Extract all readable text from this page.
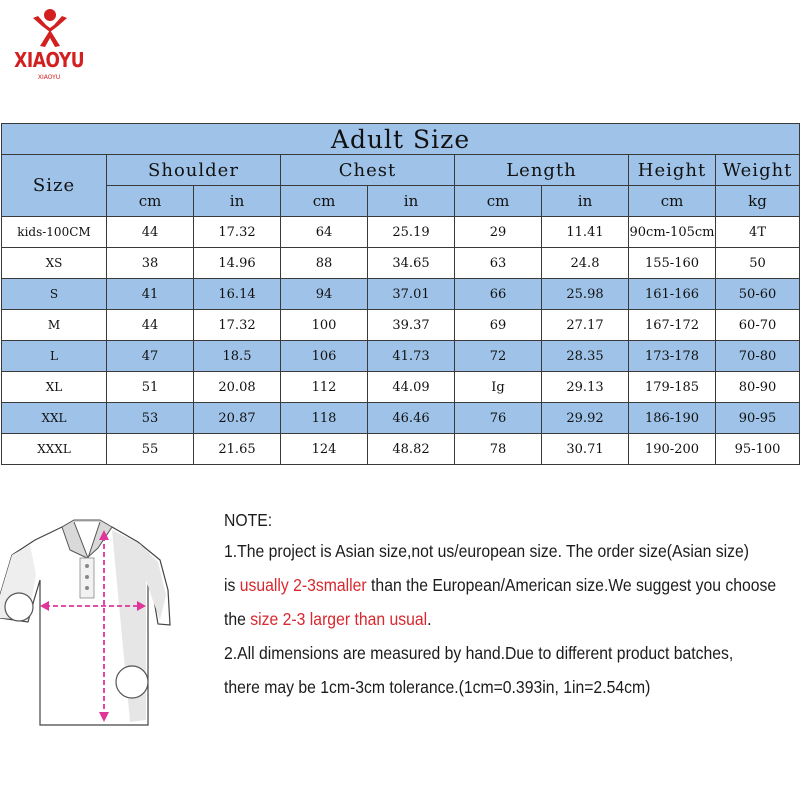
XIAOYU
XIAOYU
Adult Size								
Size	Shoulder		Chest		Length		Height	Weight
	cm	in	cm	in	cm	in	cm	kg
kids-100CM	44	17.32	64	25.19	29	11.41	90cm-105cm	4T
XS	38	14.96	88	34.65	63	24.8	155-160	50
S	41	16.14	94	37.01	66	25.98	161-166	50-60
M	44	17.32	100	39.37	69	27.17	167-172	60-70
L	47	18.5	106	41.73	72	28.35	173-178	70-80
XL	51	20.08	112	44.09	Ig	29.13	179-185	80-90
XXL	53	20.87	118	46.46	76	29.92	186-190	90-95
XXXL	55	21.65	124	48.82	78	30.71	190-200	95-100
NOTE:
1.The project is Asian size,not us/european size. The order size(Asian size)
is usually 2-3smaller than the European/American size.We suggest you choose
the size 2-3 larger than usual.
2.All dimensions are measured by hand.Due to different product batches,
there may be 1cm-3cm tolerance.(1cm=0.393in, 1in=2.54cm)
